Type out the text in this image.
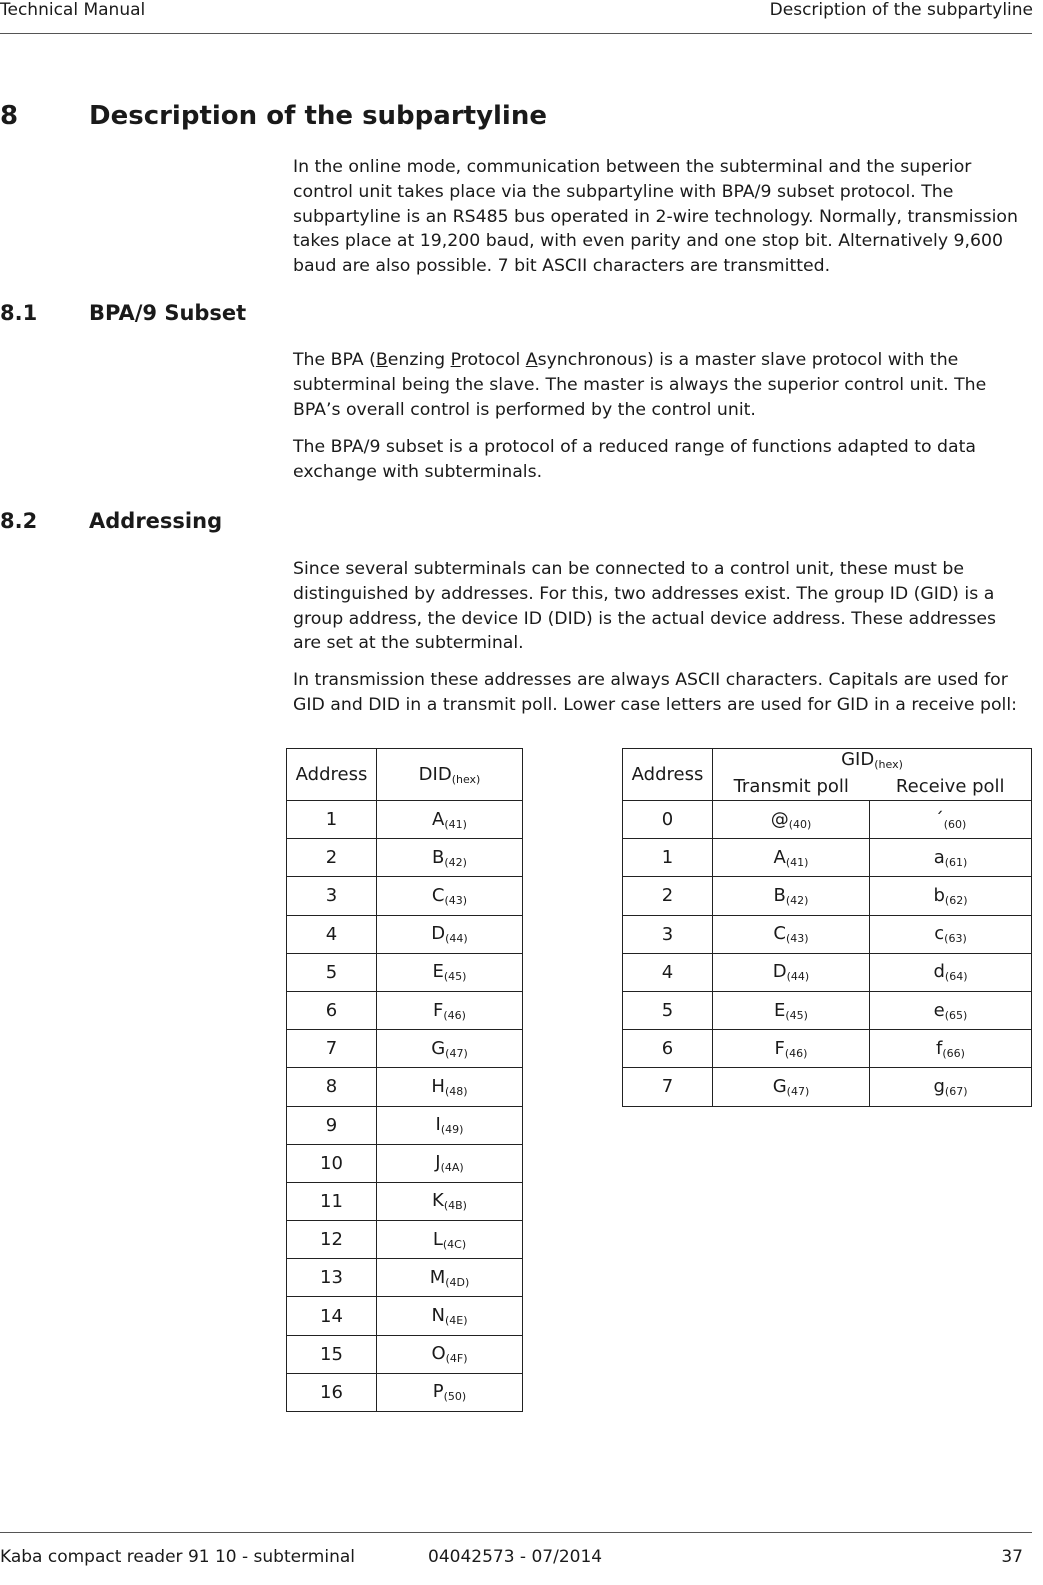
Technical Manual	Description of the subpartyline
8	Description of the subpartyline
In the online mode, communication between the subterminal and the superior control unit takes place via the subpartyline with BPA/9 subset protocol. The subpartyline is an RS485 bus operated in 2-wire technology. Normally, transmission takes place at 19,200 baud, with even parity and one stop bit. Alternatively 9,600 baud are also possible. 7 bit ASCII characters are transmitted.
8.1 BPA/9 Subset
The BPA (Benzing Protocol Asynchronous) is a master slave protocol with the subterminal being the slave. The master is always the superior control unit. The BPA’s overall control is performed by the control unit.
The BPA/9 subset is a protocol of a reduced range of functions adapted to data exchange with subterminals.
8.2 Addressing
Since several subterminals can be connected to a control unit, these must be distinguished by addresses. For this, two addresses exist. The group ID (GID) is a group address, the device ID (DID) is the actual device address. These addresses are set at the subterminal.
In transmission these addresses are always ASCII characters. Capitals are used for GID and DID in a transmit poll. Lower case letters are used for GID in a receive poll:
Address	$DID_{(hex)}$
1	$A_{(41)}$
2	$B_{(42)}$
3	$C_{(43)}$
4	$D_{(44)}$
5	$E_{(45)}$
6	$F_{(46)}$
7	$G_{(47)}$
8	$H_{(48)}$
9	$I_{(49)}$
10	$J_{(4A)}$
11	$K_{(4B)}$
12	$L_{(4C)}$
13	$M_{(4D)}$
14	$N_{(4E)}$
15	$O_{(4F)}$
16	$P_{(50)}$
Address	$GID_{(hex)}$
	Transmit poll	Receive poll
0	$@_{(40)}$	$´_{(60)}$
1	$A_{(41)}$	$a_{(61)}$
2	$B_{(42)}$	$b_{(62)}$
3	$C_{(43)}$	$c_{(63)}$
4	$D_{(44)}$	$d_{(64)}$
5	$E_{(45)}$	$e_{(65)}$
6	$F_{(46)}$	$f_{(66)}$
7	$G_{(47)}$	$g_{(67)}$
Kaba compact reader 91 10 - subterminal	04042573 - 07/2014	37
